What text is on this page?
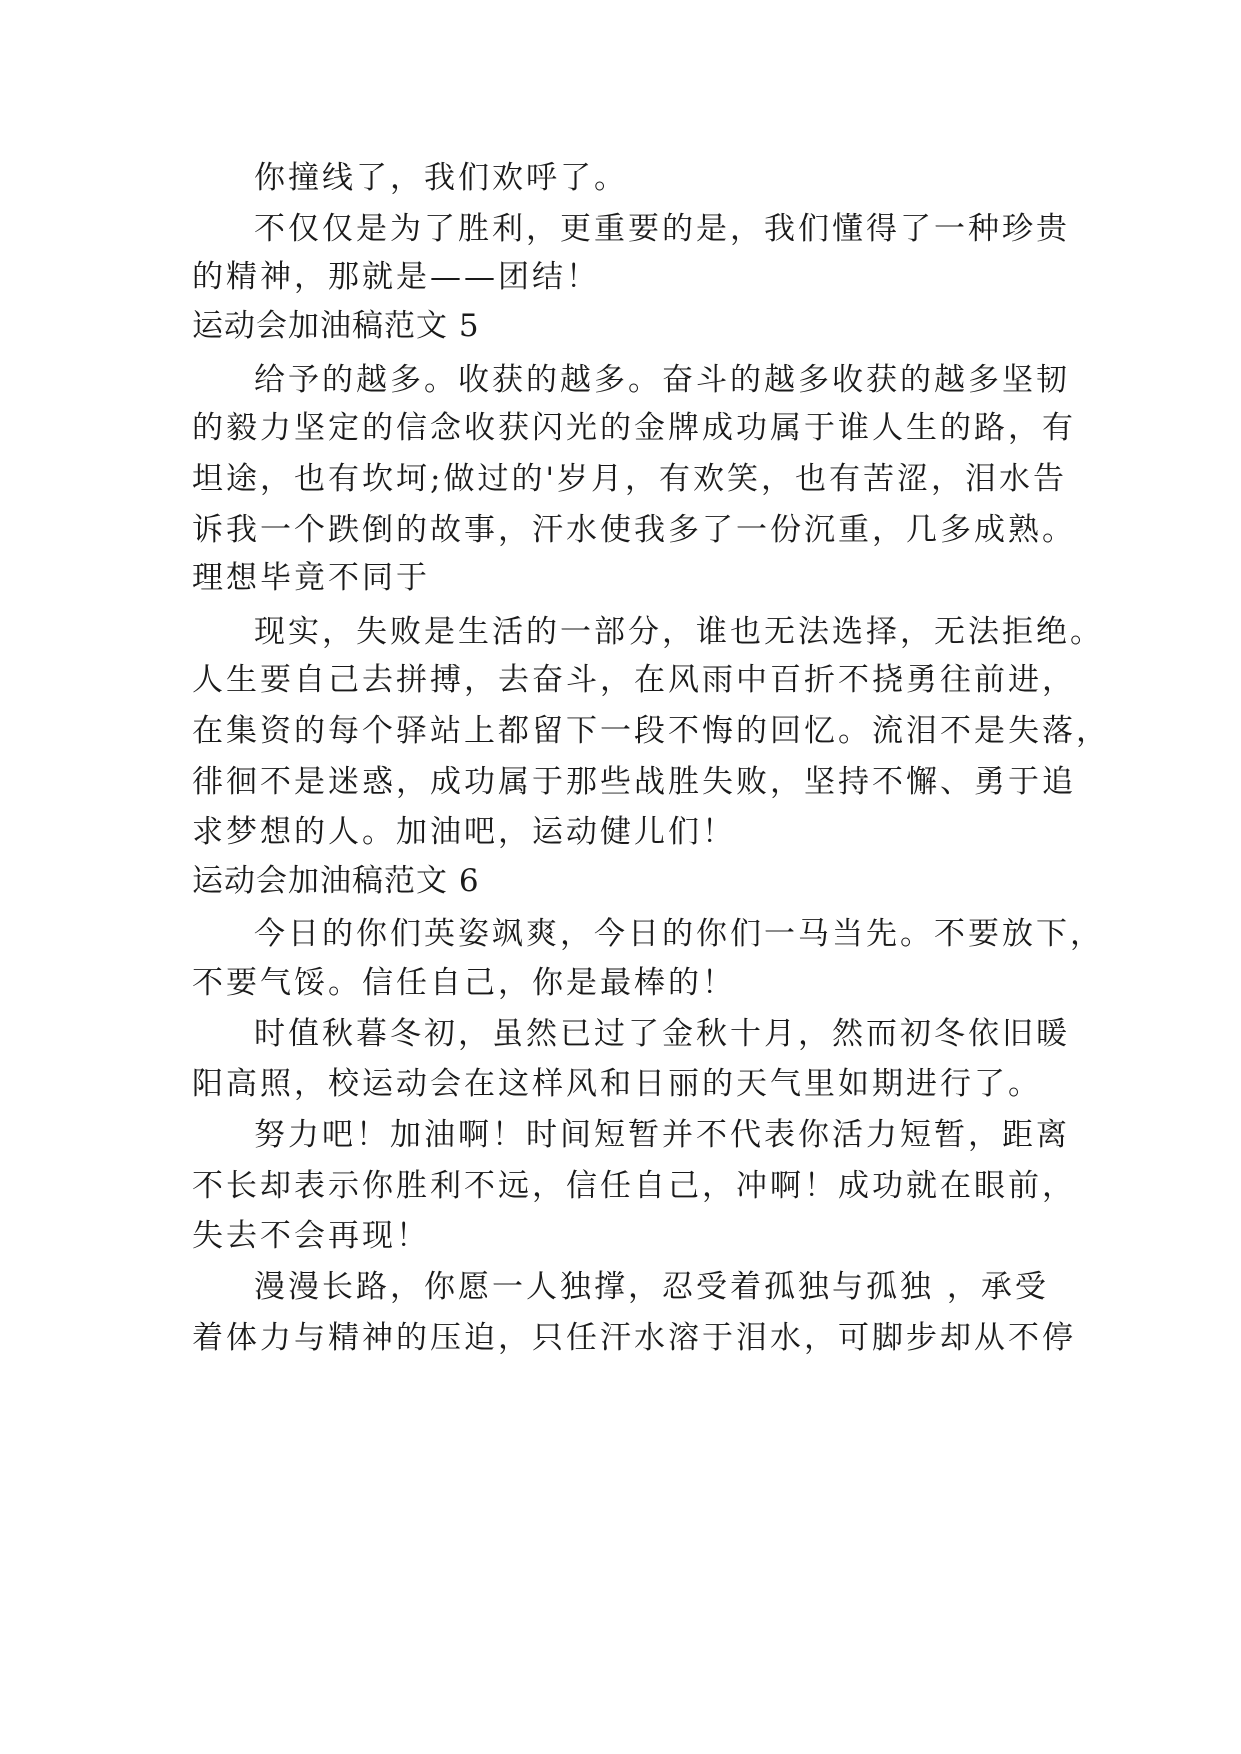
你撞线了，我们欢呼了。
不仅仅是为了胜利，更重要的是，我们懂得了一种珍贵
的精神，那就是——团结！
运动会加油稿范文 5
给予的越多。收获的越多。奋斗的越多收获的越多坚韧
的毅力坚定的信念收获闪光的金牌成功属于谁人生的路，有
坦途，也有坎坷;做过的'岁月，有欢笑，也有苦涩，泪水告
诉我一个跌倒的故事，汗水使我多了一份沉重，几多成熟。
理想毕竟不同于
现实，失败是生活的一部分，谁也无法选择，无法拒绝。
人生要自己去拼搏，去奋斗，在风雨中百折不挠勇往前进，
在集资的每个驿站上都留下一段不悔的回忆。流泪不是失落，
徘徊不是迷惑，成功属于那些战胜失败，坚持不懈、勇于追
求梦想的人。加油吧，运动健儿们！
运动会加油稿范文 6
今日的你们英姿飒爽，今日的你们一马当先。不要放下，
不要气馁。信任自己，你是最棒的！
时值秋暮冬初，虽然已过了金秋十月，然而初冬依旧暖
阳高照，校运动会在这样风和日丽的天气里如期进行了。
努力吧！加油啊！时间短暂并不代表你活力短暂，距离
不长却表示你胜利不远，信任自己，冲啊！成功就在眼前，
失去不会再现！
漫漫长路，你愿一人独撑，忍受着孤独与孤独 ，承受
着体力与精神的压迫，只任汗水溶于泪水，可脚步却从不停
